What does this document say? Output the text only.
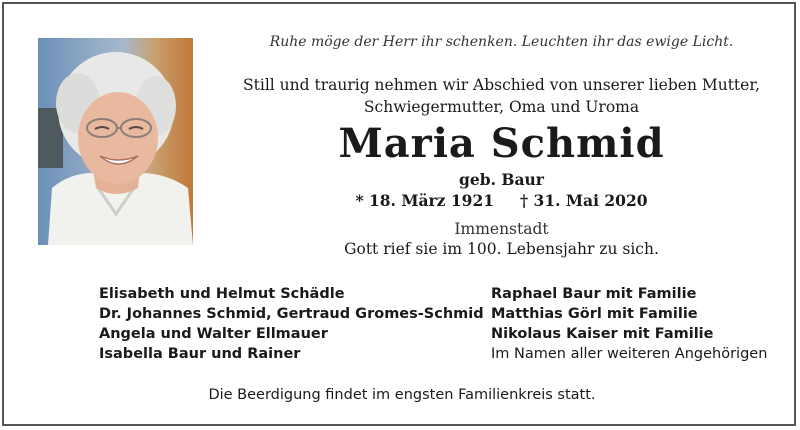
Ruhe möge der Herr ihr schenken. Leuchten ihr das ewige Licht.
Still und traurig nehmen wir Abschied von unserer lieben Mutter,
Schwiegermutter, Oma und Uroma
Maria Schmid
geb. Baur
* 18. März 1921 † 31. Mai 2020
Immenstadt
Gott rief sie im 100. Lebensjahr zu sich.
Elisabeth und Helmut Schädle
Dr. Johannes Schmid, Gertraud Gromes-Schmid
Angela und Walter Ellmauer
Isabella Baur und Rainer
Raphael Baur mit Familie
Matthias Görl mit Familie
Nikolaus Kaiser mit Familie
Im Namen aller weiteren Angehörigen
Die Beerdigung findet im engsten Familienkreis statt.
